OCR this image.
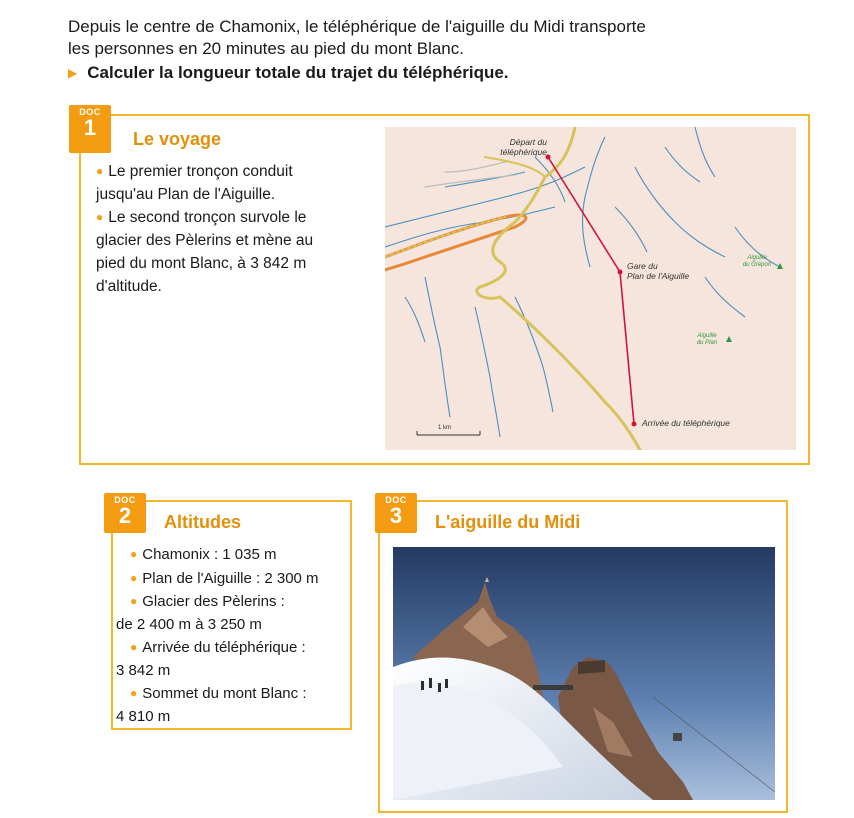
Depuis le centre de Chamonix, le téléphérique de l'aiguille du Midi transporte

les personnes en 20 minutes au pied du mont Blanc.

▶ Calculer la longueur totale du trajet du téléphérique.
DOC
1	Le voyage
● Le premier tronçon conduit
jusqu'au Plan de l'Aiguille.
● Le second tronçon survole le
glacier des Pèlerins et mène au
pied du mont Blanc, à 3 842 m
d'altitude.
Départ du
téléphérique
Gare du
Plan de l'Aiguille
Arrivée du téléphérique
Aiguille
du Grépon
Aiguille
du Plan
1 km
DOC
2	Altitudes
● Chamonix : 1 035 m
● Plan de l'Aiguille : 2 300 m
● Glacier des Pèlerins :
de 2 400 m à 3 250 m
● Arrivée du téléphérique :
3 842 m
● Sommet du mont Blanc :
4 810 m
DOC
3	L'aiguille du Midi
